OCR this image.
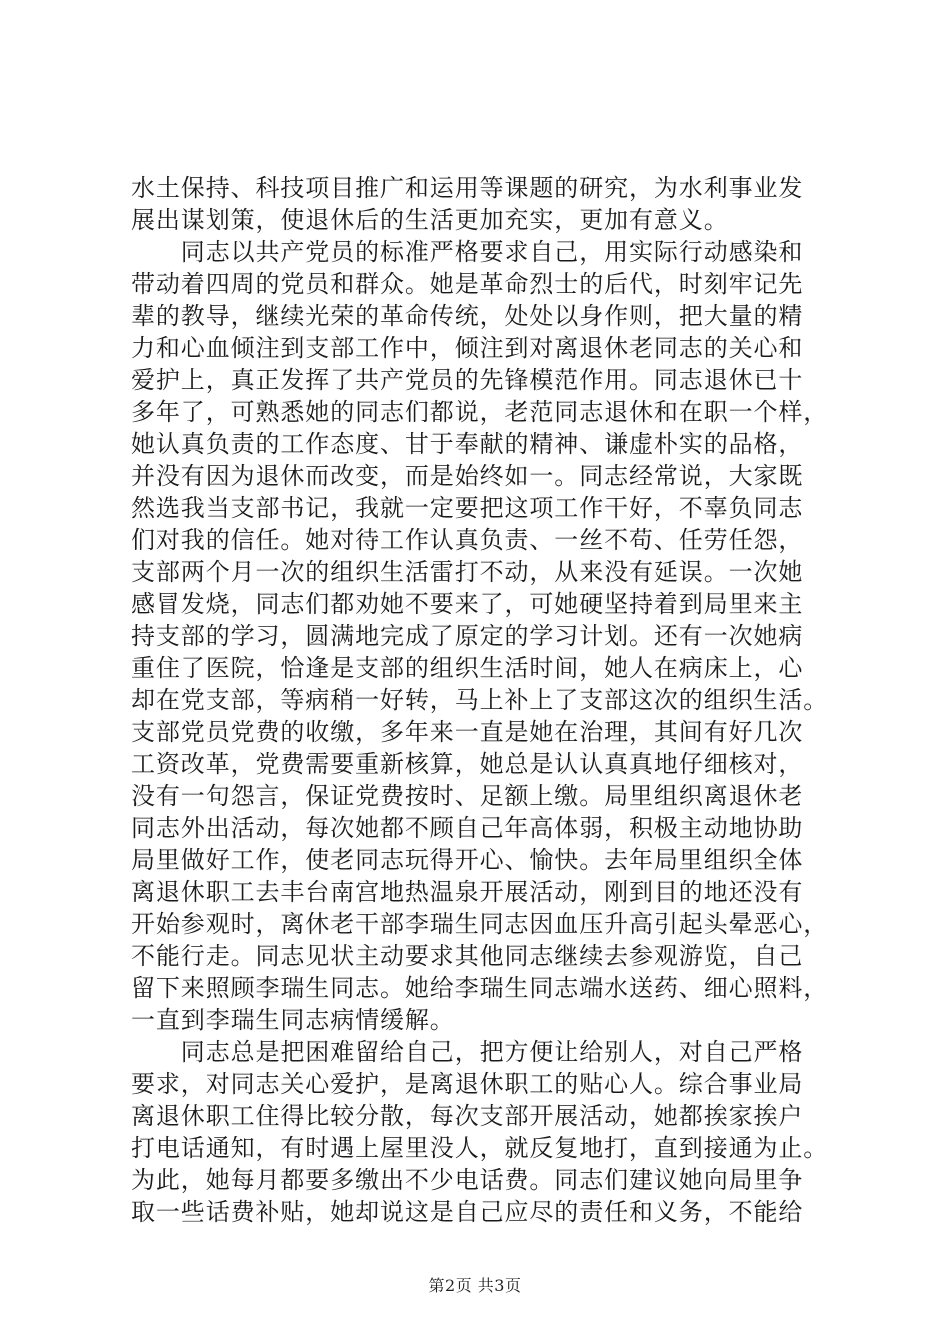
水土保持、科技项目推广和运用等课题的研究，为水利事业发
展出谋划策，使退休后的生活更加充实，更加有意义。
　　同志以共产党员的标准严格要求自己，用实际行动感染和
带动着四周的党员和群众。她是革命烈士的后代，时刻牢记先
辈的教导，继续光荣的革命传统，处处以身作则，把大量的精
力和心血倾注到支部工作中，倾注到对离退休老同志的关心和
爱护上，真正发挥了共产党员的先锋模范作用。同志退休已十
多年了，可熟悉她的同志们都说，老范同志退休和在职一个样，
她认真负责的工作态度、甘于奉献的精神、谦虚朴实的品格，
并没有因为退休而改变，而是始终如一。同志经常说，大家既
然选我当支部书记，我就一定要把这项工作干好，不辜负同志
们对我的信任。她对待工作认真负责、一丝不苟、任劳任怨，
支部两个月一次的组织生活雷打不动，从来没有延误。一次她
感冒发烧，同志们都劝她不要来了，可她硬坚持着到局里来主
持支部的学习，圆满地完成了原定的学习计划。还有一次她病
重住了医院，恰逢是支部的组织生活时间，她人在病床上，心
却在党支部，等病稍一好转，马上补上了支部这次的组织生活。
支部党员党费的收缴，多年来一直是她在治理，其间有好几次
工资改革，党费需要重新核算，她总是认认真真地仔细核对，
没有一句怨言，保证党费按时、足额上缴。局里组织离退休老
同志外出活动，每次她都不顾自己年高体弱，积极主动地协助
局里做好工作，使老同志玩得开心、愉快。去年局里组织全体
离退休职工去丰台南宫地热温泉开展活动，刚到目的地还没有
开始参观时，离休老干部李瑞生同志因血压升高引起头晕恶心，
不能行走。同志见状主动要求其他同志继续去参观游览，自己
留下来照顾李瑞生同志。她给李瑞生同志端水送药、细心照料，
一直到李瑞生同志病情缓解。
　　同志总是把困难留给自己，把方便让给别人，对自己严格
要求，对同志关心爱护，是离退休职工的贴心人。综合事业局
离退休职工住得比较分散，每次支部开展活动，她都挨家挨户
打电话通知，有时遇上屋里没人，就反复地打，直到接通为止。
为此，她每月都要多缴出不少电话费。同志们建议她向局里争
取一些话费补贴，她却说这是自己应尽的责任和义务，不能给
第2页 共3页
